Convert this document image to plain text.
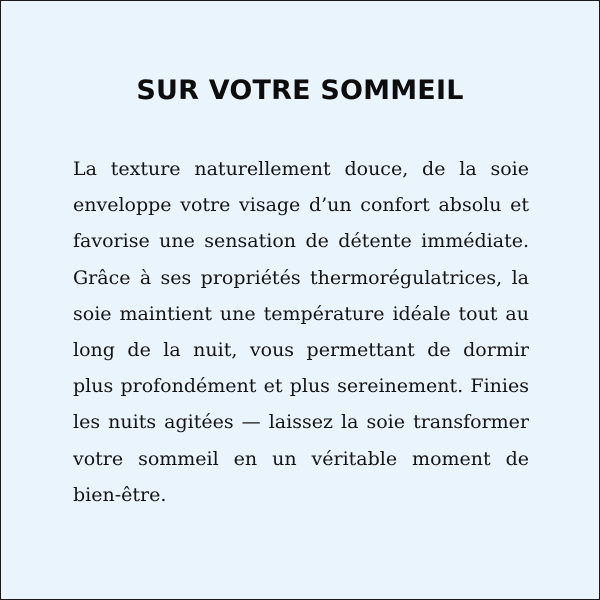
SUR VOTRE SOMMEIL

La texture naturellement douce, de la soie enveloppe votre visage d’un confort absolu et favorise une sensation de détente immédiate. Grâce à ses propriétés thermorégulatrices, la soie maintient une température idéale tout au long de la nuit, vous permettant de dormir plus profondément et plus sereinement. Finies les nuits agitées — laissez la soie transformer votre sommeil en un véritable moment de bien-être.
